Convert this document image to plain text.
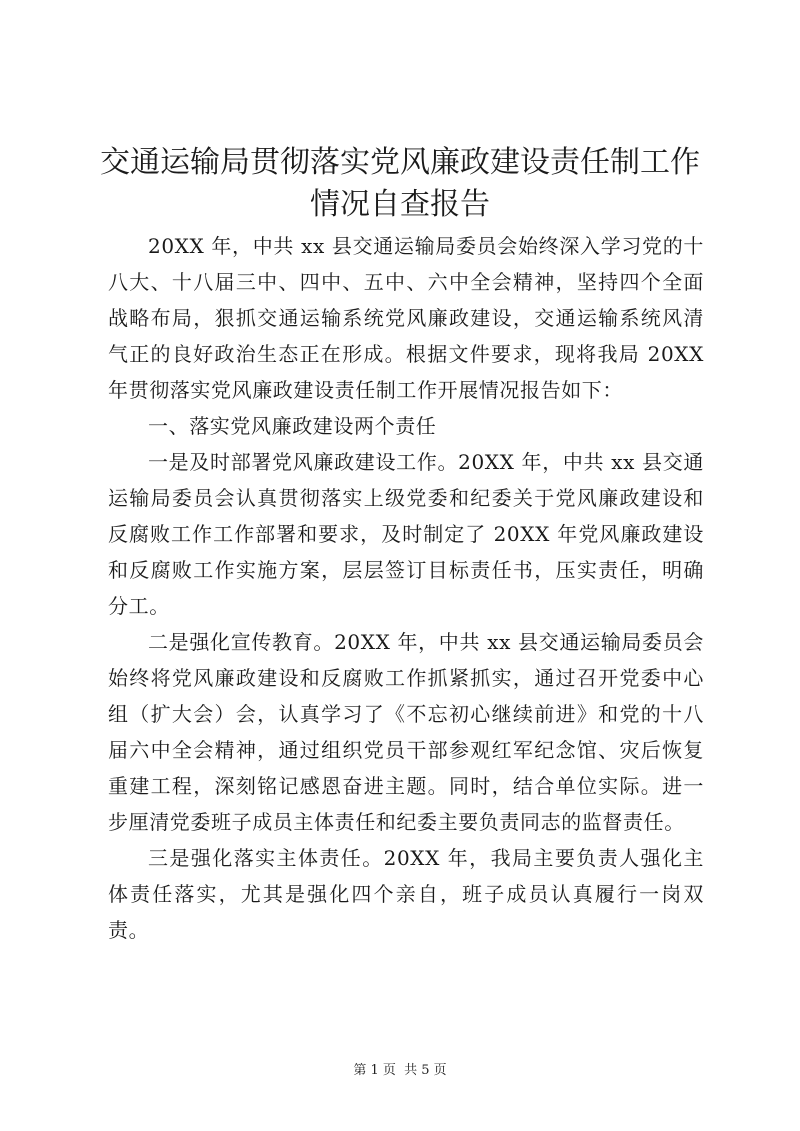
交通运输局贯彻落实党风廉政建设责任制工作
情况自查报告

20XX 年，中共 xx 县交通运输局委员会始终深入学习党的十八大、十八届三中、四中、五中、六中全会精神，坚持四个全面战略布局，狠抓交通运输系统党风廉政建设，交通运输系统风清气正的良好政治生态正在形成。根据文件要求，现将我局 20XX 年贯彻落实党风廉政建设责任制工作开展情况报告如下：

一、落实党风廉政建设两个责任

一是及时部署党风廉政建设工作。20XX 年，中共 xx 县交通运输局委员会认真贯彻落实上级党委和纪委关于党风廉政建设和反腐败工作工作部署和要求，及时制定了 20XX 年党风廉政建设和反腐败工作实施方案，层层签订目标责任书，压实责任，明确分工。

二是强化宣传教育。20XX 年，中共 xx 县交通运输局委员会始终将党风廉政建设和反腐败工作抓紧抓实，通过召开党委中心组（扩大会）会，认真学习了《不忘初心继续前进》和党的十八届六中全会精神，通过组织党员干部参观红军纪念馆、灾后恢复重建工程，深刻铭记感恩奋进主题。同时，结合单位实际。进一步厘清党委班子成员主体责任和纪委主要负责同志的监督责任。

三是强化落实主体责任。20XX 年，我局主要负责人强化主体责任落实，尤其是强化四个亲自，班子成员认真履行一岗双责。

第 1 页 共 5 页
